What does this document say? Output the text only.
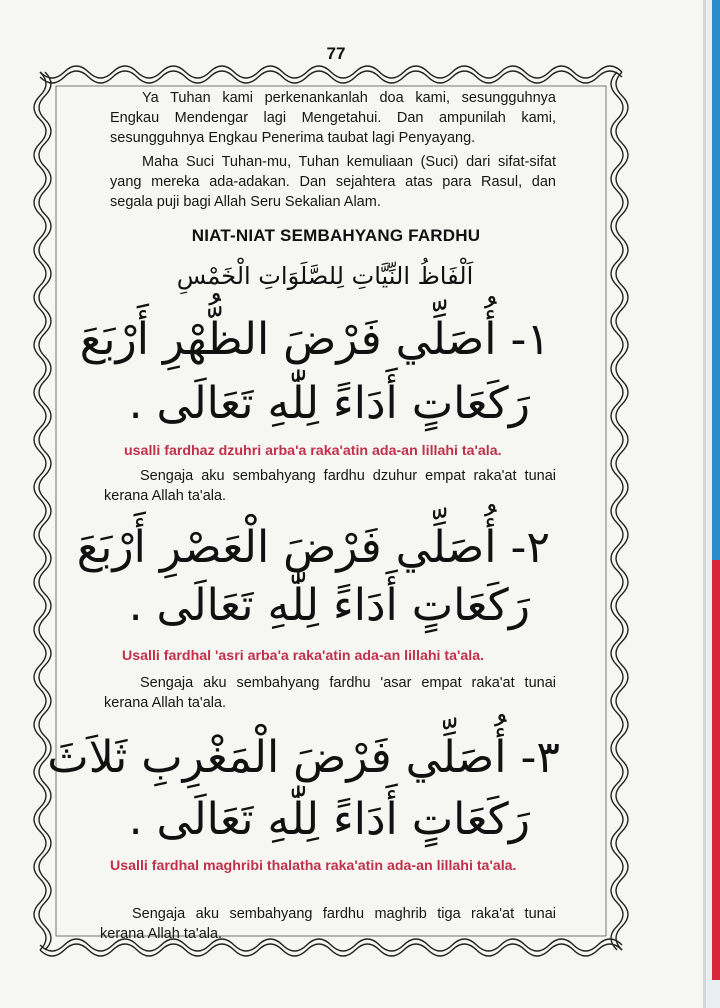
77
Ya Tuhan kami perkenankanlah doa kami, sesungguhnya Engkau Mendengar lagi Mengetahui. Dan ampunilah kami, sesungguhnya Engkau Penerima taubat lagi Penyayang.
Maha Suci Tuhan-mu, Tuhan kemuliaan (Suci) dari sifat-sifat yang mereka ada-adakan. Dan sejahtera atas para Rasul, dan segala puji bagi Allah Seru Sekalian Alam.
NIAT-NIAT SEMBAHYANG FARDHU
اَلْفَاظُ النِّيَّاتِ لِلصَّلَوَاتِ الْخَمْسِ
١- أُصَلِّي فَرْضَ الظُّهْرِ أَرْبَعَ
رَكَعَاتٍ أَدَاءً لِلّٰهِ تَعَالَى .
usalli fardhaz dzuhri arba'a raka'atin ada-an lillahi ta'ala.
Sengaja aku sembahyang fardhu dzuhur empat raka'at tunai kerana Allah ta'ala.
٢- أُصَلِّي فَرْضَ الْعَصْرِ أَرْبَعَ
رَكَعَاتٍ أَدَاءً لِلّٰهِ تَعَالَى .
Usalli fardhal 'asri arba'a raka'atin ada-an lillahi ta'ala.
Sengaja aku sembahyang fardhu 'asar empat raka'at tunai kerana Allah ta'ala.
٣- أُصَلِّي فَرْضَ الْمَغْرِبِ ثَلاَثَ
رَكَعَاتٍ أَدَاءً لِلّٰهِ تَعَالَى .
Usalli fardhal maghribi thalatha raka'atin ada-an lillahi ta'ala.
Sengaja aku sembahyang fardhu maghrib tiga raka'at tunai kerana Allah ta'ala.
